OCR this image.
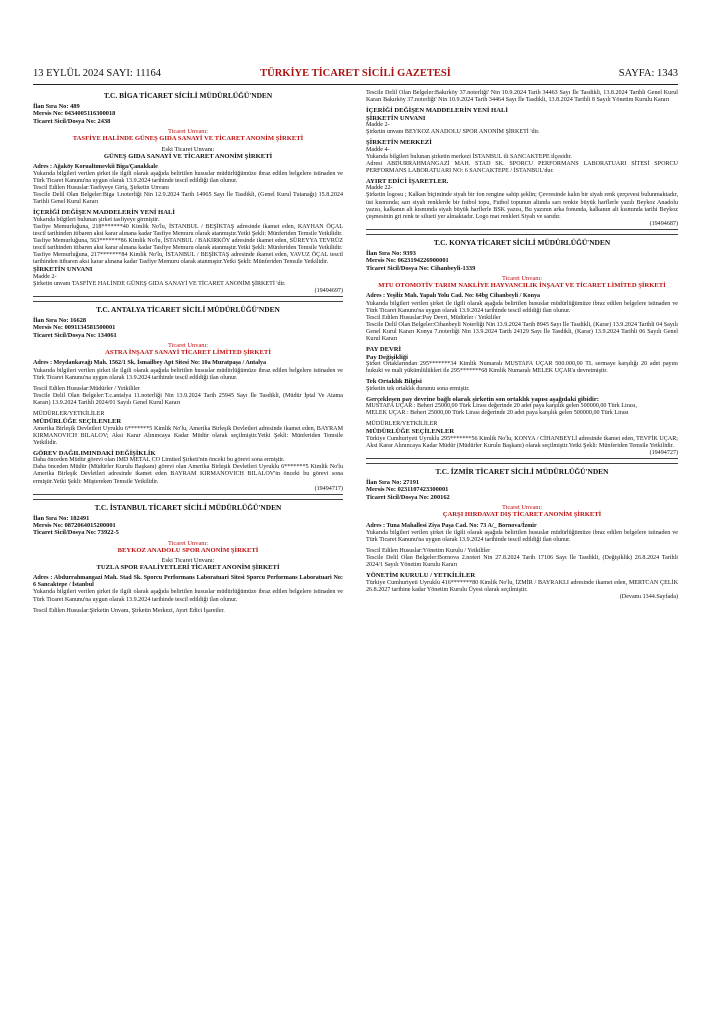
13 EYLÜL 2024 SAYI: 11164	TÜRKİYE TİCARET SİCİLİ GAZETESİ	SAYFA: 1343
T.C. BİGA TİCARET SİCİLİ MÜDÜRLÜĞÜ'NDEN
İlan Sıra No: 489
Mersis No: 0434005116300018
Ticaret Sicil/Dosya No: 2438
Ticaret Unvanı:
TASFİYE HALİNDE GÜNEŞ GIDA SANAYİ VE TİCARET ANONİM ŞİRKETİ
Eski Ticaret Unvanı:
GÜNEŞ GIDA SANAYİ VE TİCARET ANONİM ŞİRKETİ

Adres : Ağaköy Korualtımevkii Biga/Çanakkale

Yukarıda bilgileri verilen şirket ile ilgili olarak aşağıda belirtilen hususlar müdürlüğümüze ibraz edilen belgelere istinaden ve Türk Ticaret Kanunu'na uygun olarak 13.9.2024 tarihinde tescil edildiği ilan olunur.

Tescil Edilen Hususlar:Tasfiyeye Giriş, Şirketin Unvanı

Tescile Delil Olan Belgeler:Biga 1.noterliği Nin 12.9.2024 Tarih 14965 Sayı İle Tasdikli, (Genel Kurul Tutanağı) 15.8.2024 Tarihli Genel Kurul Kararı

İÇERİĞİ DEĞİŞEN MADDELERİN YENİ HALİ

Yukarıda bilgileri bulunan şirket tasfiyeye girmiştir.

Tasfiye Memurluğuna, 218*******40 Kimlik No'lu, İSTANBUL / BEŞİKTAŞ adresinde ikamet eden, KAYHAN ÖÇAL tescil tarihinden itibaren aksi karar alınana kadar Tasfiye Memuru olarak atanmıştır.Yetki Şekli: Münferiden Temsile Yetkilidir.

Tasfiye Memurluğuna, 563*******86 Kimlik No'lu, İSTANBUL / BAKIRKÖY adresinde ikamet eden, SÜREYYA TEVRÜZ tescil tarihinden itibaren aksi karar alınana kadar Tasfiye Memuru olarak atanmıştır.Yetki Şekli: Münferiden Temsile Yetkilidir.

Tasfiye Memurluğuna, 217*******84 Kimlik No'lu, İSTANBUL / BEŞİKTAŞ adresinde ikamet eden, YAVUZ ÖÇAL tescil tarihinden itibaren aksi karar alınana kadar Tasfiye Memuru olarak atanmıştır.Yetki Şekli: Münferiden Temsile Yetkilidir.

ŞİRKETİN UNVANI

Madde 2-

Şirketin unvanı TASFİYE HALİNDE GÜNEŞ GIDA SANAYİ VE TİCARET ANONİM ŞİRKETİ 'dir.

(19494697)
T.C. ANTALYA TİCARET SİCİLİ MÜDÜRLÜĞÜ'NDEN
İlan Sıra No: 16628
Mersis No: 0091134581500001
Ticaret Sicil/Dosya No: 134061
Ticaret Unvanı:
ASTRA İNŞAAT SANAYİ TİCARET LİMİTED ŞİRKETİ

Adres : Meydankavağı Mah. 1562/1 Sk. İsmailbey Apt Sitesi No: 10a Muratpaşa / Antalya

Yukarıda bilgileri verilen şirket ile ilgili olarak aşağıda belirtilen hususlar müdürlüğümüze ibraz edilen belgelere istinaden ve Türk Ticaret Kanunu'na uygun olarak 13.9.2024 tarihinde tescil edildiği ilan olunur.

Tescil Edilen Hususlar:Müdürler / Yetkililer

Tescile Delil Olan Belgeler:T.c.antalya 11.noterliği Nin 13.9.2024 Tarih 25945 Sayı İle Tasdikli, (Müdür İptal Ve Atama Kararı) 13.9.2024 Tarihli 2024/01 Sayılı Genel Kurul Kararı

MÜDÜRLER/YETKİLİLER

MÜDÜRLÜĞE SEÇİLENLER

Amerika Birleşik Devletleri Uyruklu 6*******5 Kimlik No'lu, Amerika Birleşik Devletleri adresinde ikamet eden, BAYRAM KIRMANOVICH BILALOV; Aksi Karar Alınıncaya Kadar Müdür olarak seçilmiştir.Yetki Şekli: Münferiden Temsile Yetkilidir.

GÖREV DAĞILIMINDAKİ DEĞİŞİKLİK

Daha önceden Müdür görevi olan IMD METAL CO Limited Şirketi'nin önceki bu görevi sona ermiştir.

Daha önceden Müdür (Müdürler Kurulu Başkanı) görevi olan Amerika Birleşik Devletleri Uyruklu 6*******5 Kimlik No'lu Amerika Birleşik Devletleri adresinde ikamet eden BAYRAM KIRMANOVICH BILALOV'in önceki bu görevi sona ermiştir.Yetki Şekli: Müştereken Temsile Yetkilidir.

(19494717)
T.C. İSTANBUL TİCARET SİCİLİ MÜDÜRLÜĞÜ'NDEN
İlan Sıra No: 182491
Mersis No: 0872064015200001
Ticaret Sicil/Dosya No: 73922-5
Ticaret Unvanı:
BEYKOZ ANADOLU SPOR ANONİM ŞİRKETİ
Eski Ticaret Unvanı:
TUZLA SPOR FAALİYETLERİ TİCARET ANONİM ŞİRKETİ

Adres : Abdurrahmangazi Mah. Stad Sk. Sporcu Performans Laboratuari Sitesi Sporcu Performans Laboratuari No: 6 Sancaktepe / İstanbul

Yukarıda bilgileri verilen şirket ile ilgili olarak aşağıda belirtilen hususlar müdürlüğümüze ibraz edilen belgelere istinaden ve Türk Ticaret Kanunu'na uygun olarak 13.9.2024 tarihinde tescil edildiği ilan olunur.

Tescil Edilen Hususlar:Şirketin Unvanı, Şirketin Merkezi, Ayırt Edici İşaretler.

Tescile Delil Olan Belgeler:Bakırköy 37.noterliği' Nin 10.9.2024 Tarih 34463 Sayı İle Tasdikli, 13.8.2024 Tarihli Genel Kurul Kararı Bakırköy 37.noterliği' Nin 10.9.2024 Tarih 34464 Sayı İle Tasdikli, 13.8.2024 Tarihli 8 Sayılı Yönetim Kurulu Kararı

İÇERİĞİ DEĞİŞEN MADDELERİN YENİ HALİ
ŞİRKETİN UNVANI

Madde 2-

Şirketin unvanı BEYKOZ ANADOLU SPOR ANONİM ŞİRKETİ 'dir.

ŞİRKETİN MERKEZİ

Madde 4-

Yukarıda bilgileri bulunan şirketin merkezi İSTANBUL ili SANCAKTEPE ilçesidir.

Adresi ABDURRAHMANGAZİ MAH. STAD SK. SPORCU PERFORMANS LABORATUARI SİTESİ SPORCU PERFORMANS LABORATUARI NO: 6 SANCAKTEPE / İSTANBUL'dur.

AYIRT EDİCİ İŞARETLER.

Madde 22-

Şirketin logosu ; Kalkan biçiminde siyah bir fon rengine sahip şeklin; Çevresinde kalın bir siyah renk çerçevesi bulunmaktadır, üst kısmında; sarı siyah renklerde bir futbol topu, Futbol topunun altında sarı renkte büyük harflerle yazılı Beykoz Anadolu yazısı, kalkanın alt kısmında siyah büyük harflerle BSK yazısı, Bu yazının arka fonunda, kalkanın alt kısmında tarihi Beykoz çeşmesinin gri renk te silueti yer almaktadır. Logo mat renkleri Siyah ve sarıdır.

(19494687)
T.C. KONYA TİCARET SİCİLİ MÜDÜRLÜĞÜ'NDEN
İlan Sıra No: 9393
Mersis No: 0623194226900001
Ticaret Sicil/Dosya No: Cihanbeyli-1339
Ticaret Unvanı:
MTU OTOMOTİV TARIM NAKLİYE HAYVANCILIK İNŞAAT VE TİCARET LİMİTED ŞİRKETİ

Adres : Yeşiliz Mah. Yapalı Yolu Cad. No: 64bg Cihanbeyli / Konya

Yukarıda bilgileri verilen şirket ile ilgili olarak aşağıda belirtilen hususlar müdürlüğümüze ibraz edilen belgelere istinaden ve Türk Ticaret Kanunu'na uygun olarak 13.9.2024 tarihinde tescil edildiği ilan olunur.

Tescil Edilen Hususlar:Pay Devri, Müdürler / Yetkililer

Tescile Delil Olan Belgeler:Cihanbeyli Noterliği Nin 13.9.2024 Tarih 8945 Sayı İle Tasdikli, (Karar) 13.9.2024 Tarihli 04 Sayılı Genel Kurul Kararı Konya 7.noterliği Nin 13.9.2024 Tarih 24129 Sayı İle Tasdikli, (Karar) 13.9.2024 Tarihli 06 Sayılı Genel Kurul Kararı

PAY DEVRİ
Pay Değişikliği

Şirket Ortaklarından 295*******34 Kimlik Numaralı MUSTAFA UÇAR 500.000,00 TL sermaye karşılığı 20 adet payını hukuki ve mali yükümlülükleri ile 295*******68 Kimlik Numaralı MELEK UÇAR'a devretmiştir.

Tek Ortaklık Bilgisi

Şirketin tek ortaklık durumu sona ermiştir.

Gerçekleşen pay devrine bağlı olarak şirketin son ortaklık yapısı aşağıdaki gibidir:

MUSTAFA UÇAR : Beheri 25000,00 Türk Lirası değerinde 20 adet paya karşılık gelen 500000,00 Türk Lirası,

MELEK UÇAR : Beheri 25000,00 Türk Lirası değerinde 20 adet paya karşılık gelen 500000,00 Türk Lirası

MÜDÜRLER/YETKİLİLER

MÜDÜRLÜĞE SEÇİLENLER

Türkiye Cumhuriyeti Uyruklu 295*******56 Kimlik No'lu, KONYA / CİHANBEYLİ adresinde ikamet eden, TEVFİK UÇAR; Aksi Karar Alınıncaya Kadar Müdür (Müdürler Kurulu Başkanı) olarak seçilmiştir.Yetki Şekli: Münferiden Temsile Yetkilidir.

(19494727)
T.C. İZMİR TİCARET SİCİLİ MÜDÜRLÜĞÜ'NDEN
İlan Sıra No: 27191
Mersis No: 0231107423300001
Ticaret Sicil/Dosya No: 200162
Ticaret Unvanı:
ÇARŞI HIRDAVAT DIŞ TİCARET ANONİM ŞİRKETİ

Adres : Tuna Mahallesi Ziya Paşa Cad. No: 73 A/_ Bornova/İzmir

Yukarıda bilgileri verilen şirket ile ilgili olarak aşağıda belirtilen hususlar müdürlüğümüze ibraz edilen belgelere istinaden ve Türk Ticaret Kanunu'na uygun olarak 13.9.2024 tarihinde tescil edildiği ilan olunur.

Tescil Edilen Hususlar:Yönetim Kurulu / Yetkililer

Tescile Delil Olan Belgeler:Bornova 2.noteri Nin 27.8.2024 Tarih 17106 Sayı İle Tasdikli, (Değişiklik) 26.8.2024 Tarihli 2024/1 Sayılı Yönetim Kurulu Kararı

YÖNETİM KURULU / YETKİLİLER

Türkiye Cumhuriyeti Uyruklu 416*******80 Kimlik No'lu, İZMİR / BAYRAKLI adresinde ikamet eden, MERTCAN ÇELİK 26.8.2027 tarihine kadar Yönetim Kurulu Üyesi olarak seçilmiştir.

(Devamı 1344.Sayfada)
